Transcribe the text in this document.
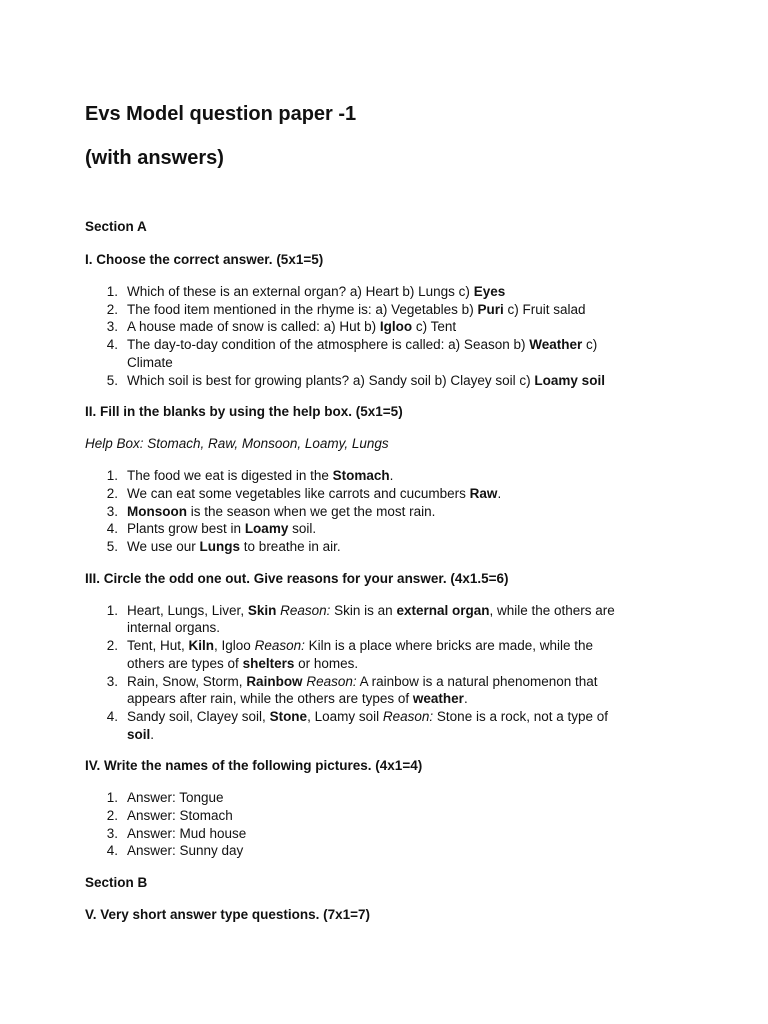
Evs Model question paper -1
(with answers)

Section A

I. Choose the correct answer. (5x1=5)

1. Which of these is an external organ? a) Heart b) Lungs c) Eyes
2. The food item mentioned in the rhyme is: a) Vegetables b) Puri c) Fruit salad
3. A house made of snow is called: a) Hut b) Igloo c) Tent
4. The day-to-day condition of the atmosphere is called: a) Season b) Weather c) Climate
5. Which soil is best for growing plants? a) Sandy soil b) Clayey soil c) Loamy soil

II. Fill in the blanks by using the help box. (5x1=5)

Help Box: Stomach, Raw, Monsoon, Loamy, Lungs

1. The food we eat is digested in the Stomach.
2. We can eat some vegetables like carrots and cucumbers Raw.
3. Monsoon is the season when we get the most rain.
4. Plants grow best in Loamy soil.
5. We use our Lungs to breathe in air.

III. Circle the odd one out. Give reasons for your answer. (4x1.5=6)

1. Heart, Lungs, Liver, Skin Reason: Skin is an external organ, while the others are internal organs.
2. Tent, Hut, Kiln, Igloo Reason: Kiln is a place where bricks are made, while the others are types of shelters or homes.
3. Rain, Snow, Storm, Rainbow Reason: A rainbow is a natural phenomenon that appears after rain, while the others are types of weather.
4. Sandy soil, Clayey soil, Stone, Loamy soil Reason: Stone is a rock, not a type of soil.

IV. Write the names of the following pictures. (4x1=4)

1. Answer: Tongue
2. Answer: Stomach
3. Answer: Mud house
4. Answer: Sunny day

Section B

V. Very short answer type questions. (7x1=7)
